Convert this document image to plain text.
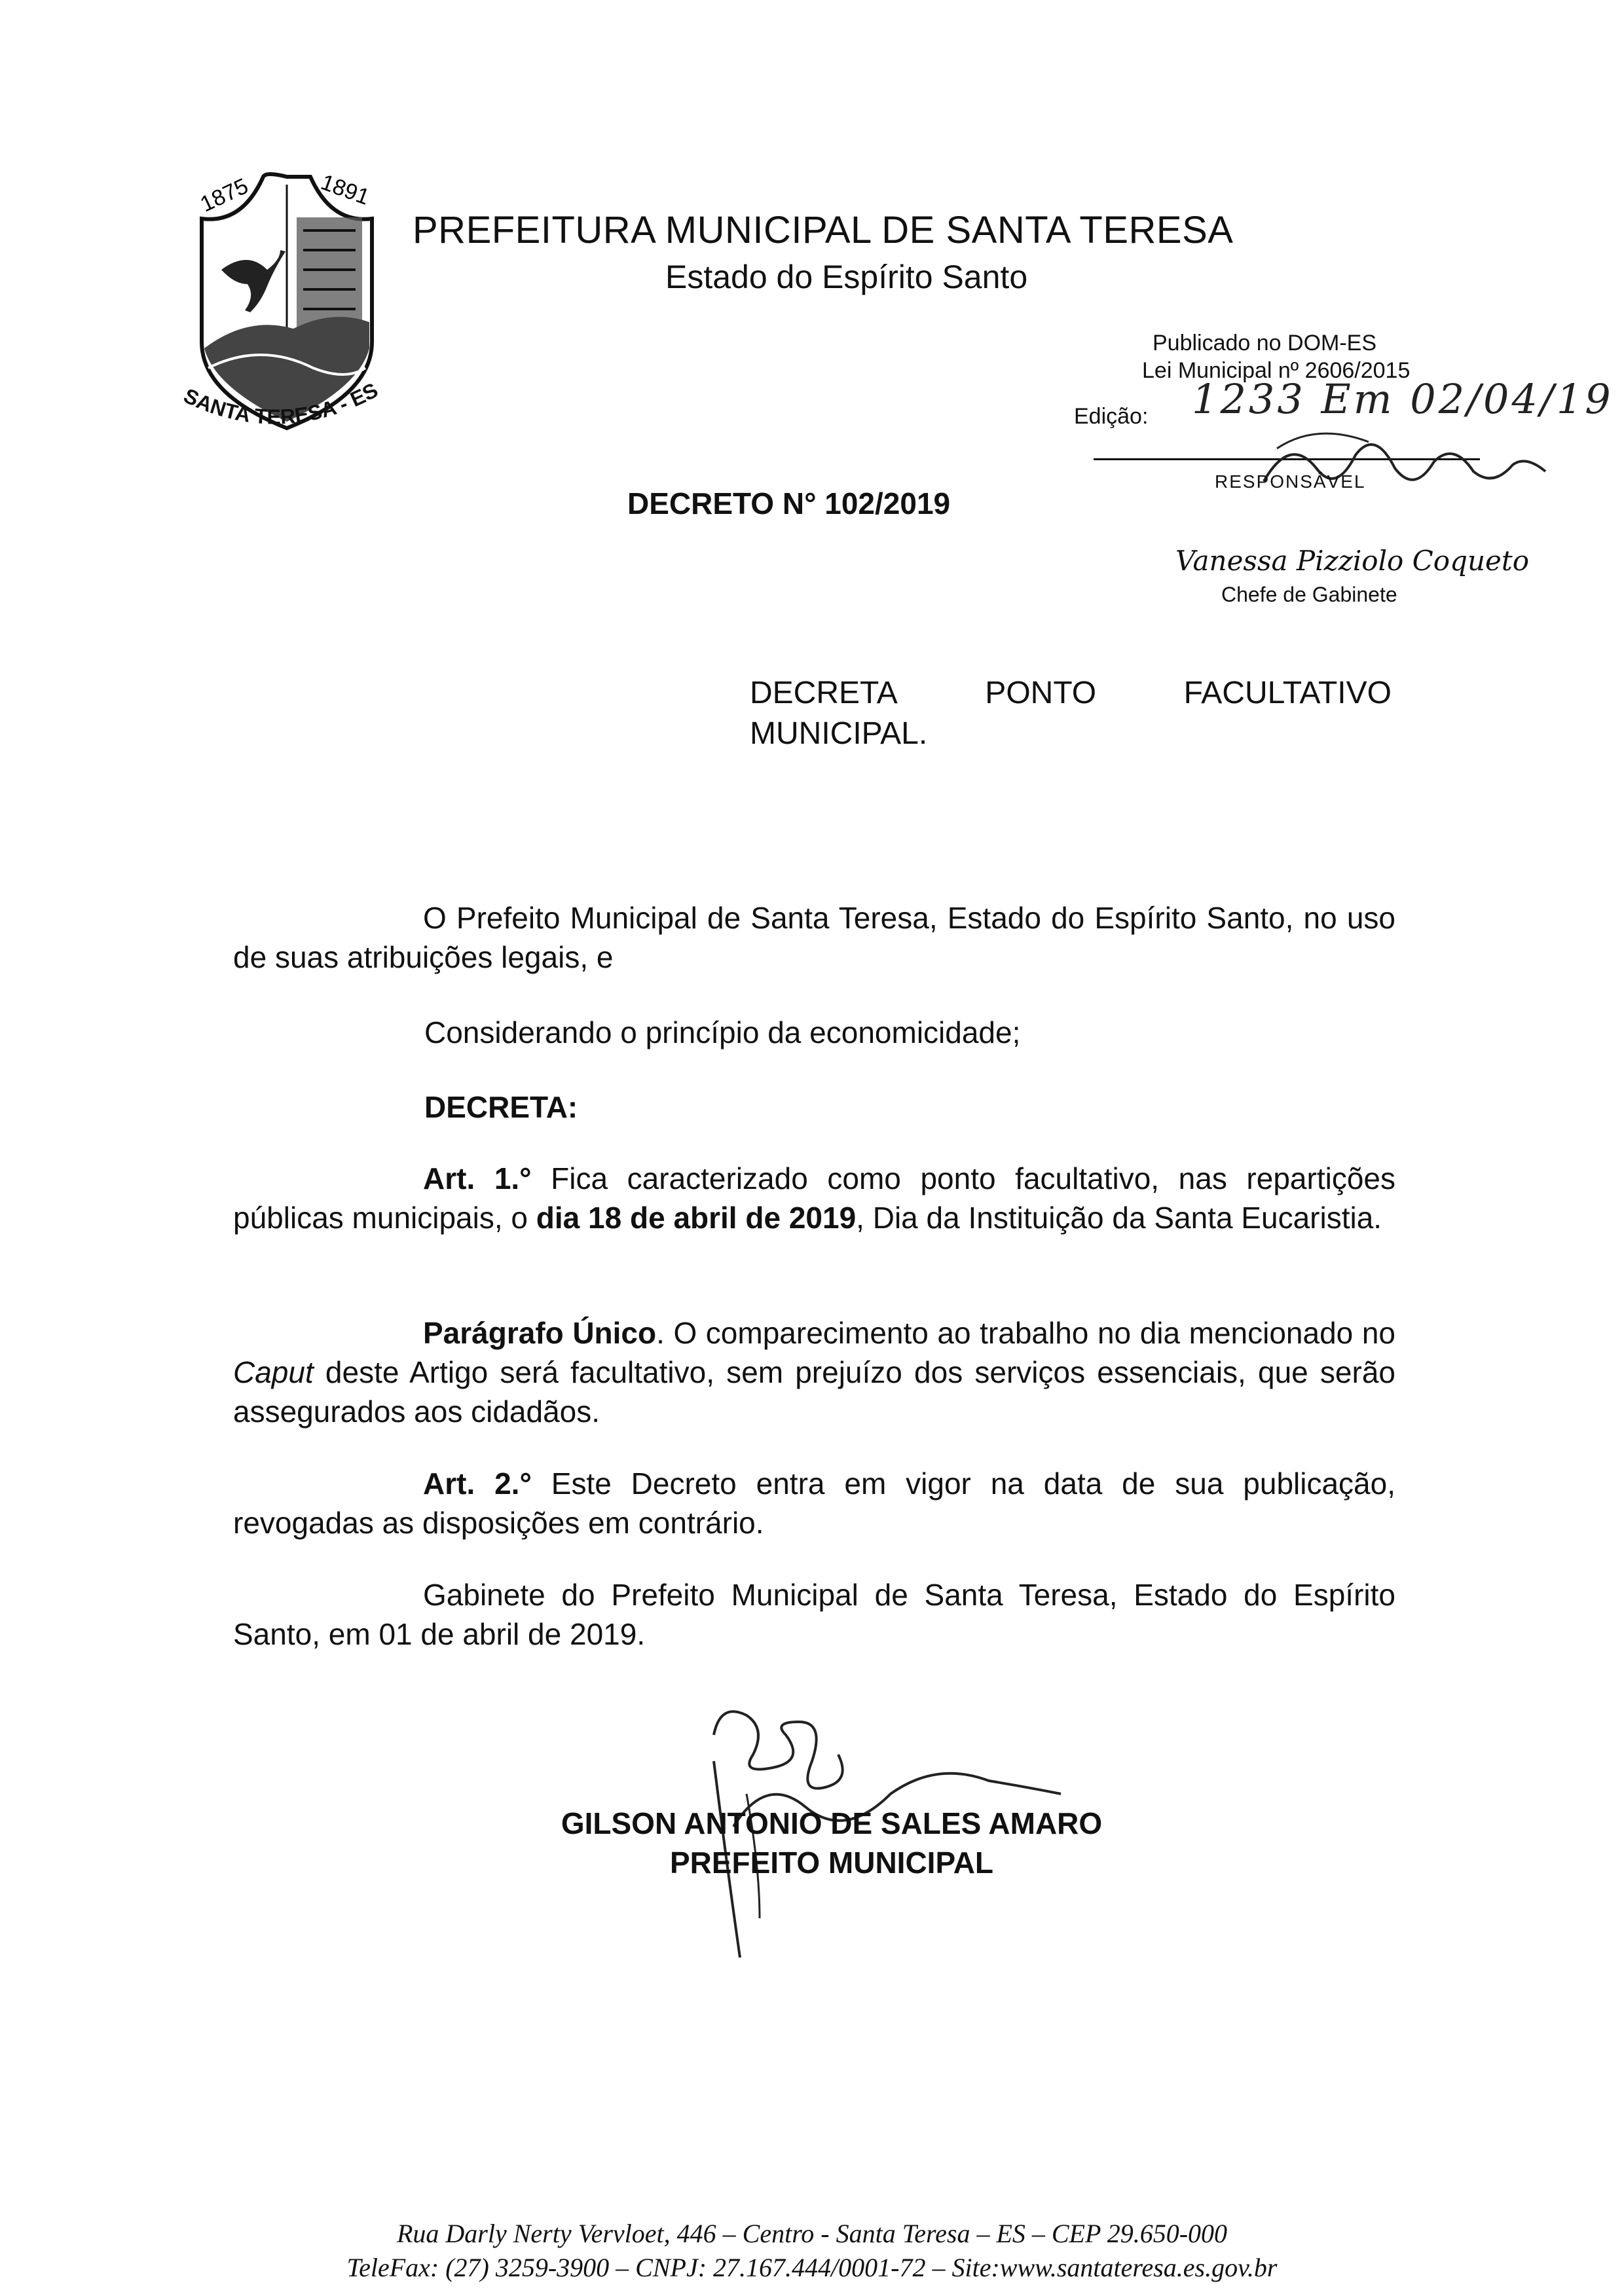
1875	1891
SANTA TERESA - ES
PREFEITURA MUNICIPAL DE SANTA TERESA
Estado do Espírito Santo
Publicado no DOM-ES
Lei Municipal nº 2606/2015
Edição: 1233 Em 02/04/19
RESPONSÁVEL
Vanessa Pizziolo Coqueto
Chefe de Gabinete
DECRETO N° 102/2019
DECRETA	PONTO	FACULTATIVO
MUNICIPAL.
O Prefeito Municipal de Santa Teresa, Estado do Espírito Santo, no uso de suas atribuições legais, e
Considerando o princípio da economicidade;
DECRETA:
Art. 1.° Fica caracterizado como ponto facultativo, nas repartições públicas municipais, o dia 18 de abril de 2019, Dia da Instituição da Santa Eucaristia.
Parágrafo Único. O comparecimento ao trabalho no dia mencionado no Caput deste Artigo será facultativo, sem prejuízo dos serviços essenciais, que serão assegurados aos cidadãos.
Art. 2.° Este Decreto entra em vigor na data de sua publicação, revogadas as disposições em contrário.
Gabinete do Prefeito Municipal de Santa Teresa, Estado do Espírito Santo, em 01 de abril de 2019.
GILSON ANTONIO DE SALES AMARO
PREFEITO MUNICIPAL
Rua Darly Nerty Vervloet, 446 – Centro - Santa Teresa – ES – CEP 29.650-000
TeleFax: (27) 3259-3900 – CNPJ: 27.167.444/0001-72 – Site:www.santateresa.es.gov.br
